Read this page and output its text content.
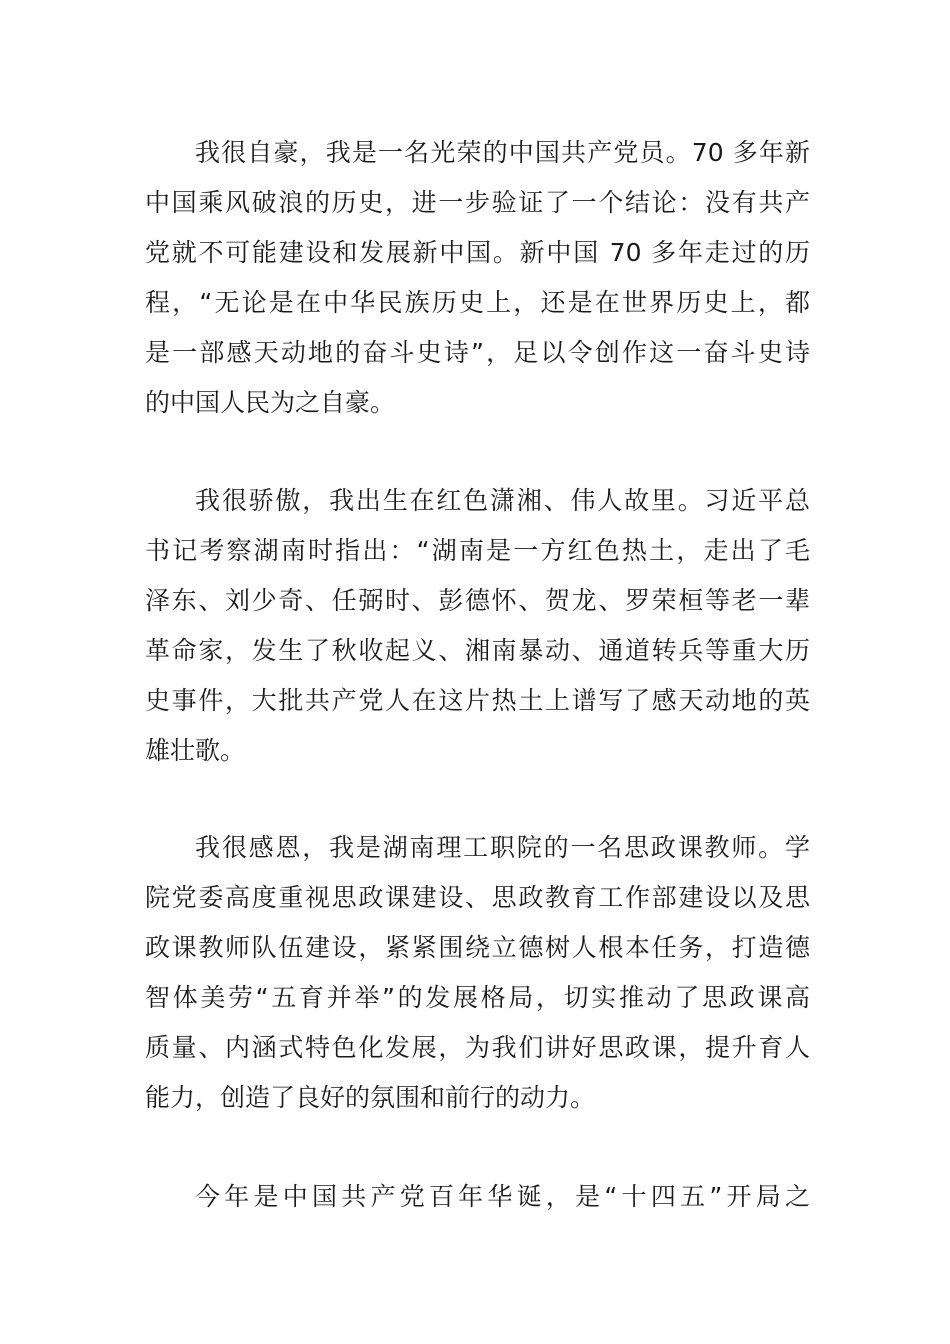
我很自豪，我是一名光荣的中国共产党员。70 多年新
中国乘风破浪的历史，进一步验证了一个结论：没有共产
党就不可能建设和发展新中国。新中国 70 多年走过的历
程，“无论是在中华民族历史上，还是在世界历史上，都
是一部感天动地的奋斗史诗”，足以令创作这一奋斗史诗
的中国人民为之自豪。
我很骄傲，我出生在红色潇湘、伟人故里。习近平总
书记考察湖南时指出：“湖南是一方红色热土，走出了毛
泽东、刘少奇、任弼时、彭德怀、贺龙、罗荣桓等老一辈
革命家，发生了秋收起义、湘南暴动、通道转兵等重大历
史事件，大批共产党人在这片热土上谱写了感天动地的英
雄壮歌。
我很感恩，我是湖南理工职院的一名思政课教师。学
院党委高度重视思政课建设、思政教育工作部建设以及思
政课教师队伍建设，紧紧围绕立德树人根本任务，打造德
智体美劳“五育并举”的发展格局，切实推动了思政课高
质量、内涵式特色化发展，为我们讲好思政课，提升育人
能力，创造了良好的氛围和前行的动力。
今年是中国共产党百年华诞，是“十四五”开局之
